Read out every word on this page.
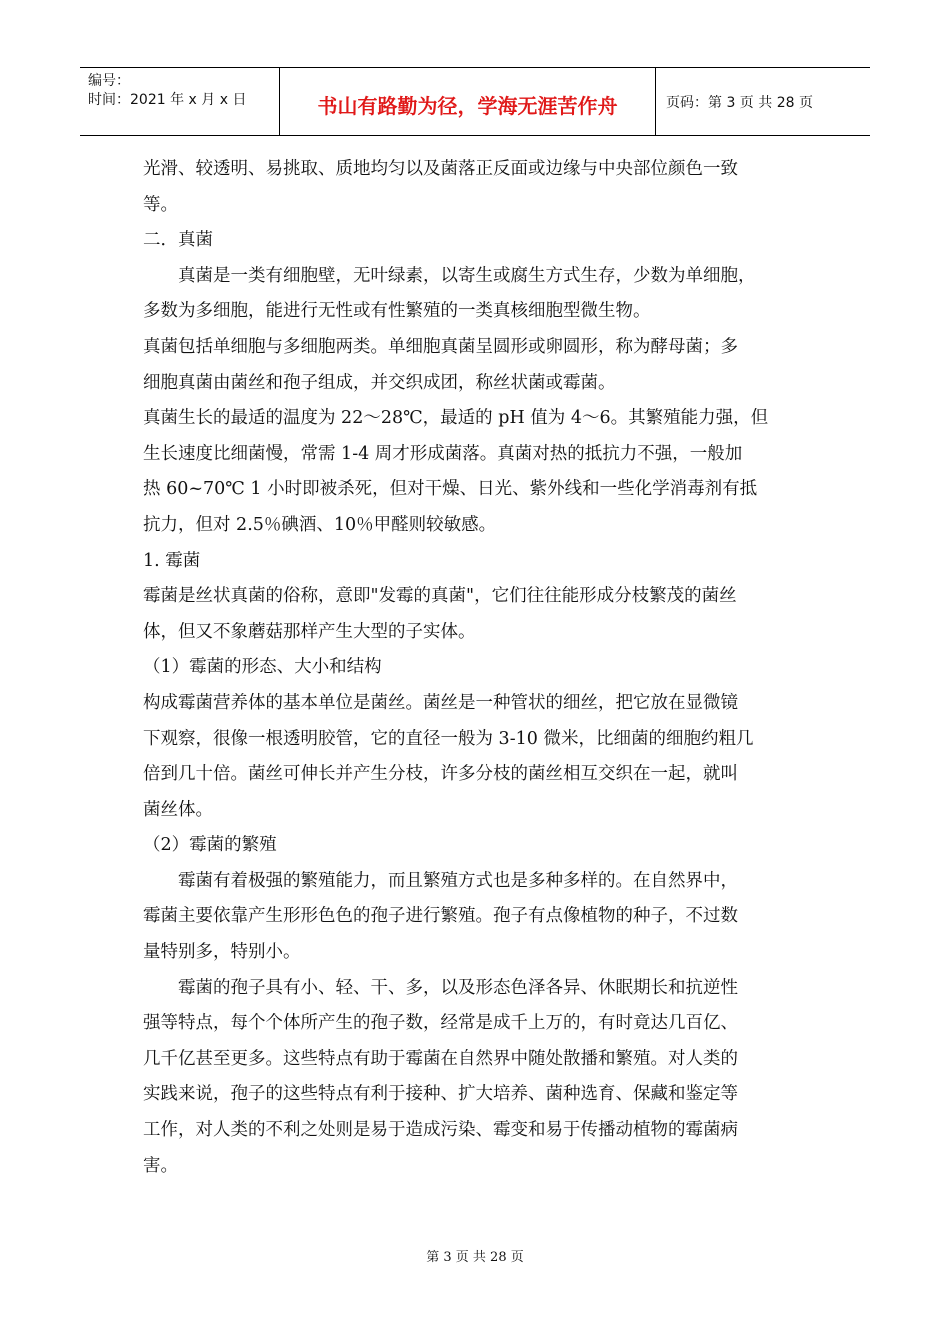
编号：
时间：2021 年 x 月 x 日	书山有路勤为径，学海无涯苦作舟	页码：第 3 页 共 28 页

光滑、较透明、易挑取、质地均匀以及菌落正反面或边缘与中央部位颜色一致

等。

二．真菌

　　真菌是一类有细胞壁，无叶绿素，以寄生或腐生方式生存，少数为单细胞，

多数为多细胞，能进行无性或有性繁殖的一类真核细胞型微生物。

真菌包括单细胞与多细胞两类。单细胞真菌呈圆形或卵圆形，称为酵母菌；多

细胞真菌由菌丝和孢子组成，并交织成团，称丝状菌或霉菌。

真菌生长的最适的温度为 22～28℃，最适的 pH 值为 4～6。其繁殖能力强，但

生长速度比细菌慢，常需 1-4 周才形成菌落。真菌对热的抵抗力不强，一般加

热 60~70℃ 1 小时即被杀死，但对干燥、日光、紫外线和一些化学消毒剂有抵

抗力，但对 2.5％碘酒、10％甲醛则较敏感。

1. 霉菌

霉菌是丝状真菌的俗称，意即"发霉的真菌"，它们往往能形成分枝繁茂的菌丝

体，但又不象蘑菇那样产生大型的子实体。

（1）霉菌的形态、大小和结构

构成霉菌营养体的基本单位是菌丝。菌丝是一种管状的细丝，把它放在显微镜

下观察，很像一根透明胶管，它的直径一般为 3-10 微米，比细菌的细胞约粗几

倍到几十倍。菌丝可伸长并产生分枝，许多分枝的菌丝相互交织在一起，就叫

菌丝体。

（2）霉菌的繁殖

　　霉菌有着极强的繁殖能力，而且繁殖方式也是多种多样的。在自然界中，

霉菌主要依靠产生形形色色的孢子进行繁殖。孢子有点像植物的种子，不过数

量特别多，特别小。

　　霉菌的孢子具有小、轻、干、多，以及形态色泽各异、休眠期长和抗逆性

强等特点，每个个体所产生的孢子数，经常是成千上万的，有时竟达几百亿、

几千亿甚至更多。这些特点有助于霉菌在自然界中随处散播和繁殖。对人类的

实践来说，孢子的这些特点有利于接种、扩大培养、菌种选育、保藏和鉴定等

工作，对人类的不利之处则是易于造成污染、霉变和易于传播动植物的霉菌病

害。

第 3 页 共 28 页
